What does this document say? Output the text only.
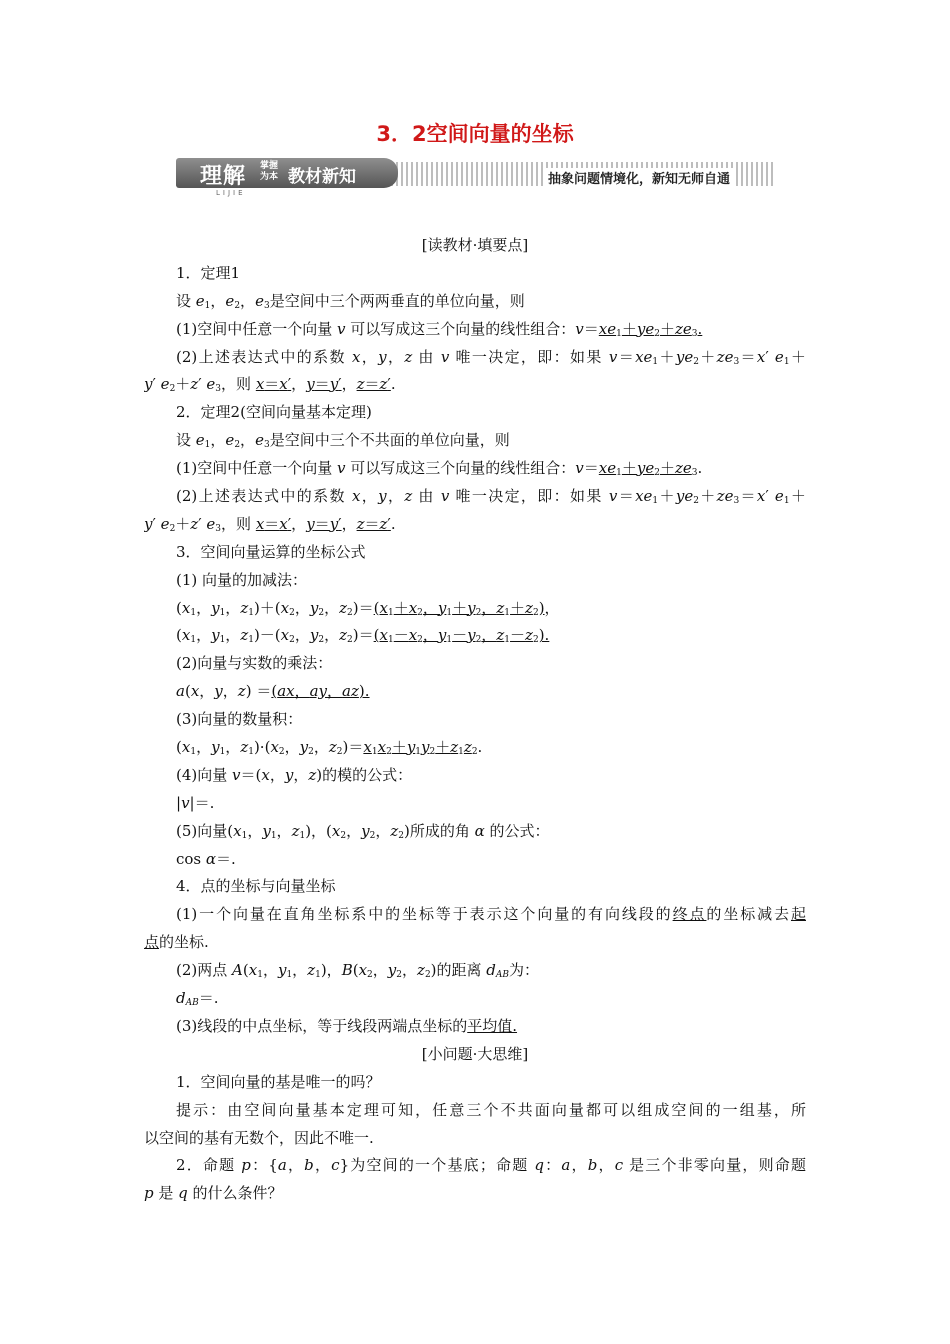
3．2空间向量的坐标
理解 掌握为本 教材新知
LIJIE
抽象问题情境化，新知无师自通
[读教材·填要点]
1．定理1
设 $e_1$，$e_2$，$e_3$是空间中三个两两垂直的单位向量，则
(1)空间中任意一个向量 v 可以写成这三个向量的线性组合：$v=xe_1+ye_2+ze_3$.
(2)上述表达式中的系数 x，y，z 由 v 唯一决定，即：如果 $v=xe_1+ye_2+ze_3=x'$ $e_1+$
y′ $e_2+z'$ $e_3$，则 x＝x′，y＝y′，z＝z′.
2．定理2(空间向量基本定理)
设 $e_1$，$e_2$，$e_3$是空间中三个不共面的单位向量，则
(1)空间中任意一个向量 v 可以写成这三个向量的线性组合：$v=xe_1+ye_2+ze_3$.
(2)上述表达式中的系数 x，y，z 由 v 唯一决定，即：如果 $v=xe_1+ye_2+ze_3=x'$ $e_1+$
y′ $e_2+z'$ $e_3$，则 x＝x′，y＝y′，z＝z′.
3．空间向量运算的坐标公式
(1) 向量的加减法：
($x_1$，$y_1$，$z_1)+(x_2$，$y_2$，$z_2)=(x_1+x_2$，$y_1+y_2$，$z_1+z_2$)，
($x_1$，$y_1$，$z_1)-(x_2$，$y_2$，$z_2)=(x_1-x_2$，$y_1-y_2$，$z_1-z_2$).
(2)向量与实数的乘法：
a(x，y，z) ＝(ax，ay，az).
(3)向量的数量积：
($x_1$，$y_1$，$z_1)\cdot(x_2$，$y_2$，$z_2)=x_1x_2+y_1y_2+z_1z_2$.
(4)向量 v＝(x，y，z)的模的公式：
|v|＝.
(5)向量($x_1$，$y_1$，$z_1$)，($x_2$，$y_2$，$z_2$)所成的角 α 的公式：
cos α＝.
4．点的坐标与向量坐标
(1)一个向量在直角坐标系中的坐标等于表示这个向量的有向线段的终点的坐标减去起
点的坐标.
(2)两点 $A(x_1$，$y_1$，$z_1$)，$B(x_2$，$y_2$，$z_2$)的距离 $d_{AB}$为：
$d_{AB}=$.
(3)线段的中点坐标，等于线段两端点坐标的平均值.
[小问题·大思维]
1．空间向量的基是唯一的吗？
提示：由空间向量基本定理可知，任意三个不共面向量都可以组成空间的一组基，所
以空间的基有无数个，因此不唯一.
2．命题 p：{a，b，c}为空间的一个基底；命题 q：a，b，c 是三个非零向量，则命题
p 是 q 的什么条件？
